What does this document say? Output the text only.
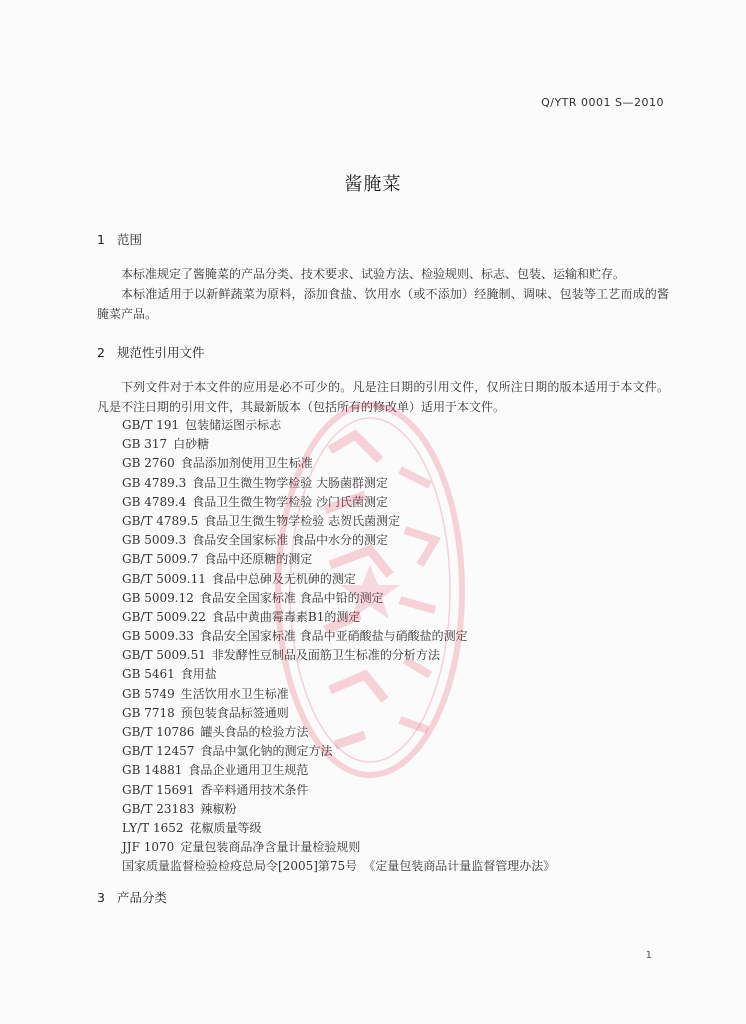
Q/YTR 0001 S—2010
酱腌菜
1 范围

本标准规定了酱腌菜的产品分类、技术要求、试验方法、检验规则、标志、包装、运输和贮存。

本标准适用于以新鲜蔬菜为原料，添加食盐、饮用水（或不添加）经腌制、调味、包装等工艺而成的酱腌菜产品。

2 规范性引用文件

下列文件对于本文件的应用是必不可少的。凡是注日期的引用文件，仅所注日期的版本适用于本文件。凡是不注日期的引用文件，其最新版本（包括所有的修改单）适用于本文件。

GB/T 191 包装储运图示标志
GB 317 白砂糖
GB 2760 食品添加剂使用卫生标准
GB 4789.3 食品卫生微生物学检验 大肠菌群测定
GB 4789.4 食品卫生微生物学检验 沙门氏菌测定
GB/T 4789.5 食品卫生微生物学检验 志贺氏菌测定
GB 5009.3 食品安全国家标准 食品中水分的测定
GB/T 5009.7 食品中还原糖的测定
GB/T 5009.11 食品中总砷及无机砷的测定
GB 5009.12 食品安全国家标准 食品中铅的测定
GB/T 5009.22 食品中黄曲霉毒素B1的测定
GB 5009.33 食品安全国家标准 食品中亚硝酸盐与硝酸盐的测定
GB/T 5009.51 非发酵性豆制品及面筋卫生标准的分析方法
GB 5461 食用盐
GB 5749 生活饮用水卫生标准
GB 7718 预包装食品标签通则
GB/T 10786 罐头食品的检验方法
GB/T 12457 食品中氯化钠的测定方法
GB 14881 食品企业通用卫生规范
GB/T 15691 香辛料通用技术条件
GB/T 23183 辣椒粉
LY/T 1652 花椒质量等级
JJF 1070 定量包装商品净含量计量检验规则
国家质量监督检验检疫总局令[2005]第75号 《定量包装商品计量监督管理办法》
3 产品分类
1
